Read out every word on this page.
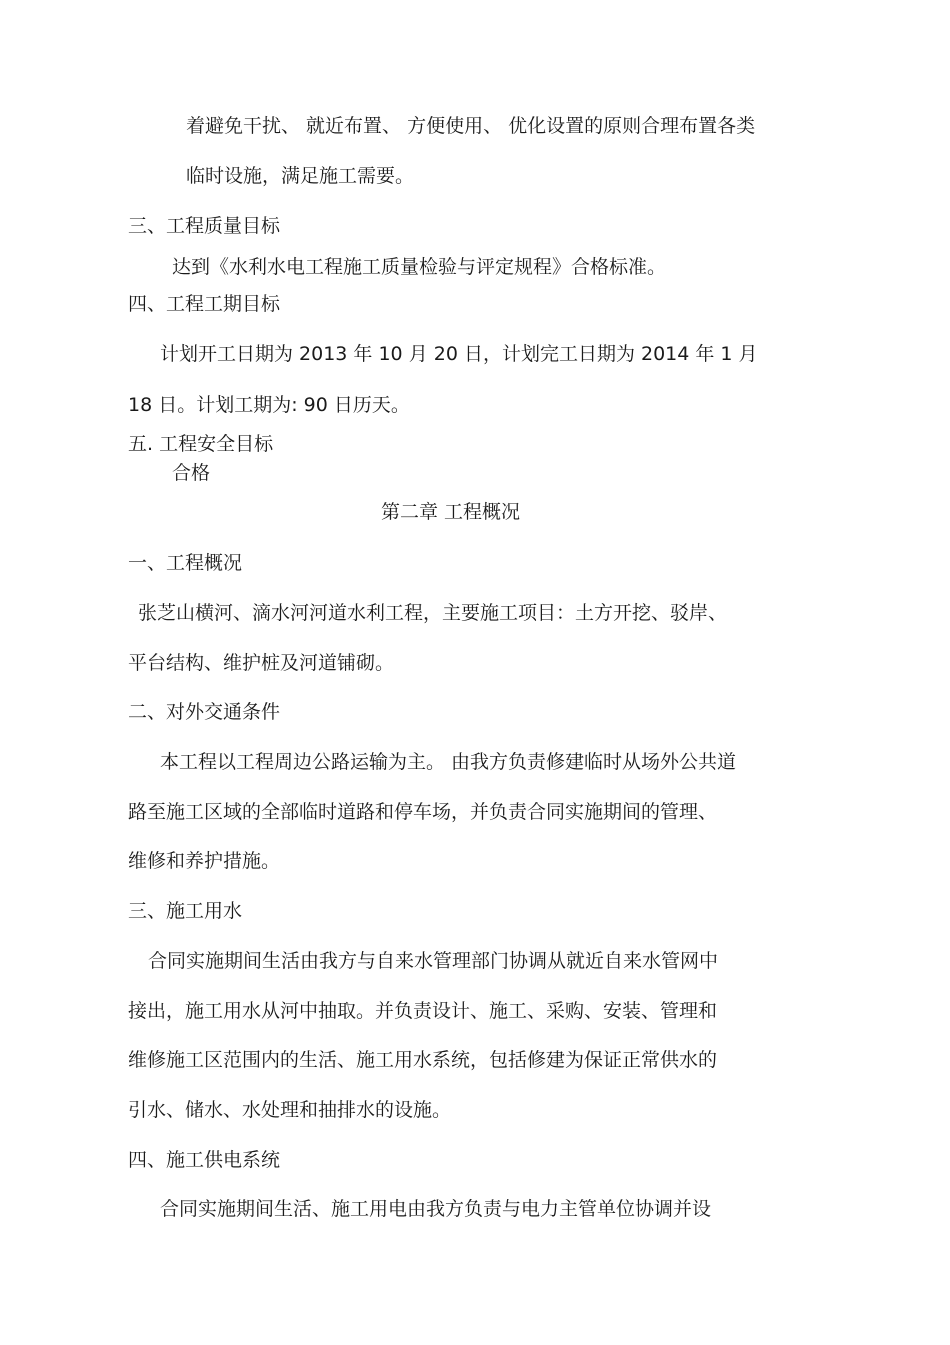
着避免干扰、 就近布置、 方便使用、 优化设置的原则合理布置各类

临时设施，满足施工需要。

三、工程质量目标

达到《水利水电工程施工质量检验与评定规程》合格标准。

四、工程工期目标

计划开工日期为 2013 年 10 月 20 日，计划完工日期为 2014 年 1 月

18 日。计划工期为: 90 日历天。

五. 工程安全目标

合格

第二章 工程概况

一、工程概况

张芝山横河、滴水河河道水利工程，主要施工项目：土方开挖、驳岸、

平台结构、维护桩及河道铺砌。

二、对外交通条件

本工程以工程周边公路运输为主。 由我方负责修建临时从场外公共道

路至施工区域的全部临时道路和停车场，并负责合同实施期间的管理、

维修和养护措施。

三、施工用水

合同实施期间生活由我方与自来水管理部门协调从就近自来水管网中

接出，施工用水从河中抽取。并负责设计、施工、采购、安装、管理和

维修施工区范围内的生活、施工用水系统，包括修建为保证正常供水的

引水、储水、水处理和抽排水的设施。

四、施工供电系统

合同实施期间生活、施工用电由我方负责与电力主管单位协调并设
